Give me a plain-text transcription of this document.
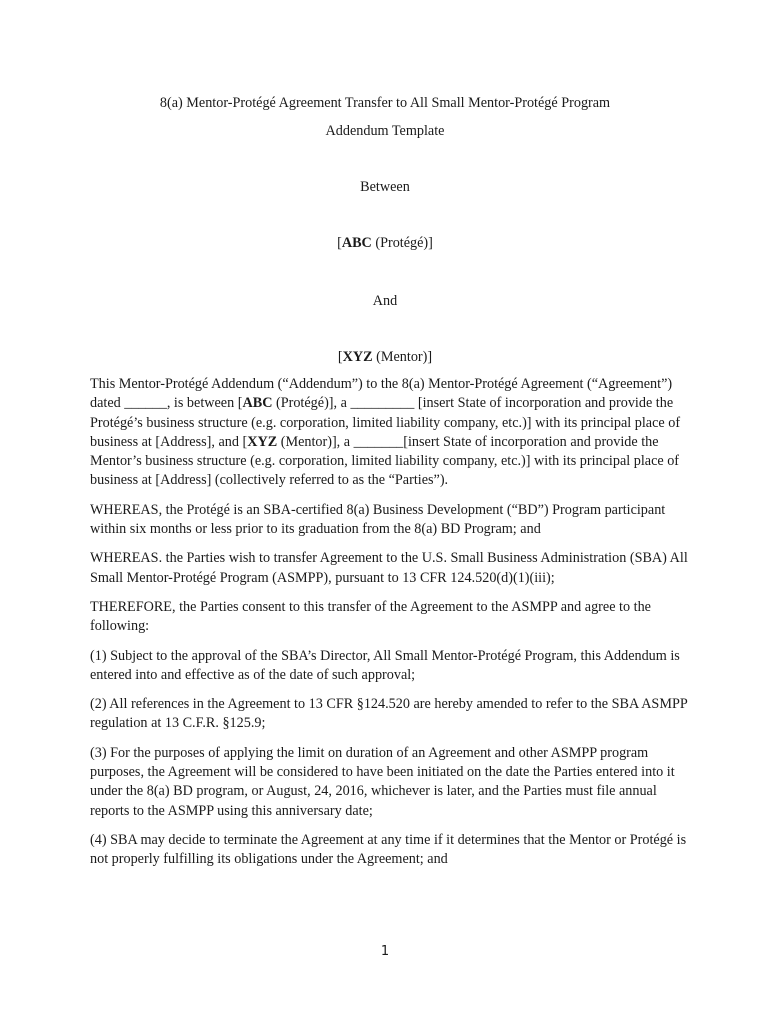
8(a) Mentor-Protégé Agreement Transfer to All Small Mentor-Protégé Program
Addendum Template
Between
[ABC (Protégé)]
And
[XYZ (Mentor)]

This Mentor-Protégé Addendum (“Addendum”) to the 8(a) Mentor-Protégé Agreement (“Agreement”) dated ______, is between [ABC (Protégé)], a _________ [insert State of incorporation and provide the Protégé’s business structure (e.g. corporation, limited liability company, etc.)] with its principal place of business at [Address], and [XYZ (Mentor)], a _______[insert State of incorporation and provide the Mentor’s business structure (e.g. corporation, limited liability company, etc.)] with its principal place of business at [Address] (collectively referred to as the “Parties”).

WHEREAS, the Protégé is an SBA-certified 8(a) Business Development (“BD”) Program participant within six months or less prior to its graduation from the 8(a) BD Program; and

WHEREAS. the Parties wish to transfer Agreement to the U.S. Small Business Administration (SBA) All Small Mentor-Protégé Program (ASMPP), pursuant to 13 CFR 124.520(d)(1)(iii);

THEREFORE, the Parties consent to this transfer of the Agreement to the ASMPP and agree to the following:

(1) Subject to the approval of the SBA’s Director, All Small Mentor-Protégé Program, this Addendum is entered into and effective as of the date of such approval;

(2) All references in the Agreement to 13 CFR §124.520 are hereby amended to refer to the SBA ASMPP regulation at 13 C.F.R. §125.9;

(3) For the purposes of applying the limit on duration of an Agreement and other ASMPP program purposes, the Agreement will be considered to have been initiated on the date the Parties entered into it under the 8(a) BD program, or August, 24, 2016, whichever is later, and the Parties must file annual reports to the ASMPP using this anniversary date;

(4) SBA may decide to terminate the Agreement at any time if it determines that the Mentor or Protégé is not properly fulfilling its obligations under the Agreement; and

1
